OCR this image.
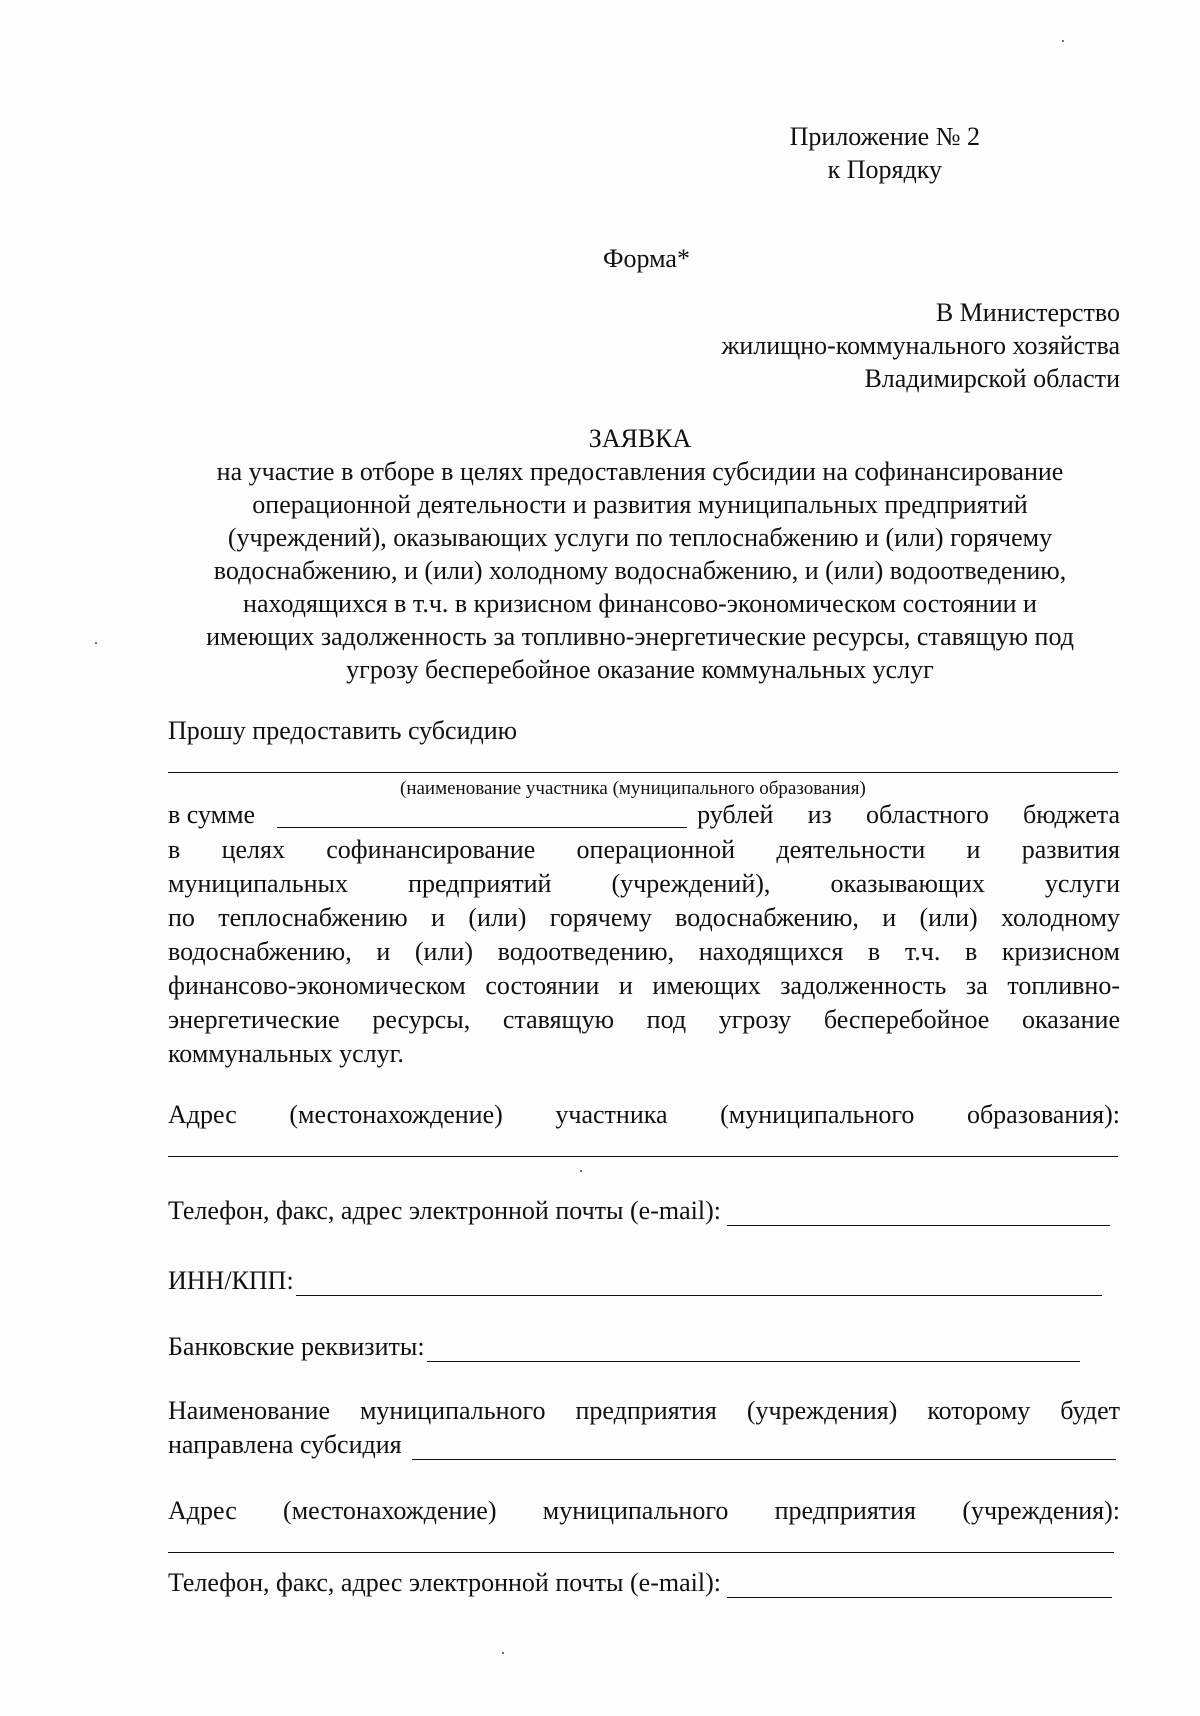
Приложение № 2
к Порядку
Форма*
В Министерство
жилищно-коммунального хозяйства
Владимирской области
ЗАЯВКА
на участие в отборе в целях предоставления субсидии на софинансирование
операционной деятельности и развития муниципальных предприятий
(учреждений), оказывающих услуги по теплоснабжению и (или) горячему
водоснабжению, и (или) холодному водоснабжению, и (или) водоотведению,
находящихся в т.ч. в кризисном финансово-экономическом состоянии и
имеющих задолженность за топливно-энергетические ресурсы, ставящую под
угрозу бесперебойное оказание коммунальных услуг
Прошу предоставить субсидию
(наименование участника (муниципального образования)
в сумме	рублей из областного бюджета
в целях софинансирование операционной деятельности и развития
муниципальных предприятий (учреждений), оказывающих услуги
по теплоснабжению и (или) горячему водоснабжению, и (или) холодному
водоснабжению, и (или) водоотведению, находящихся в т.ч. в кризисном
финансово-экономическом состоянии и имеющих задолженность за топливно-
энергетические ресурсы, ставящую под угрозу бесперебойное оказание
коммунальных услуг.
Адрес (местонахождение) участника (муниципального образования):
Телефон, факс, адрес электронной почты (e-mail):
ИНН/КПП:
Банковские реквизиты:
Наименование муниципального предприятия (учреждения) которому будет
направлена субсидия
Адрес (местонахождение) муниципального предприятия (учреждения):
Телефон, факс, адрес электронной почты (e-mail):
